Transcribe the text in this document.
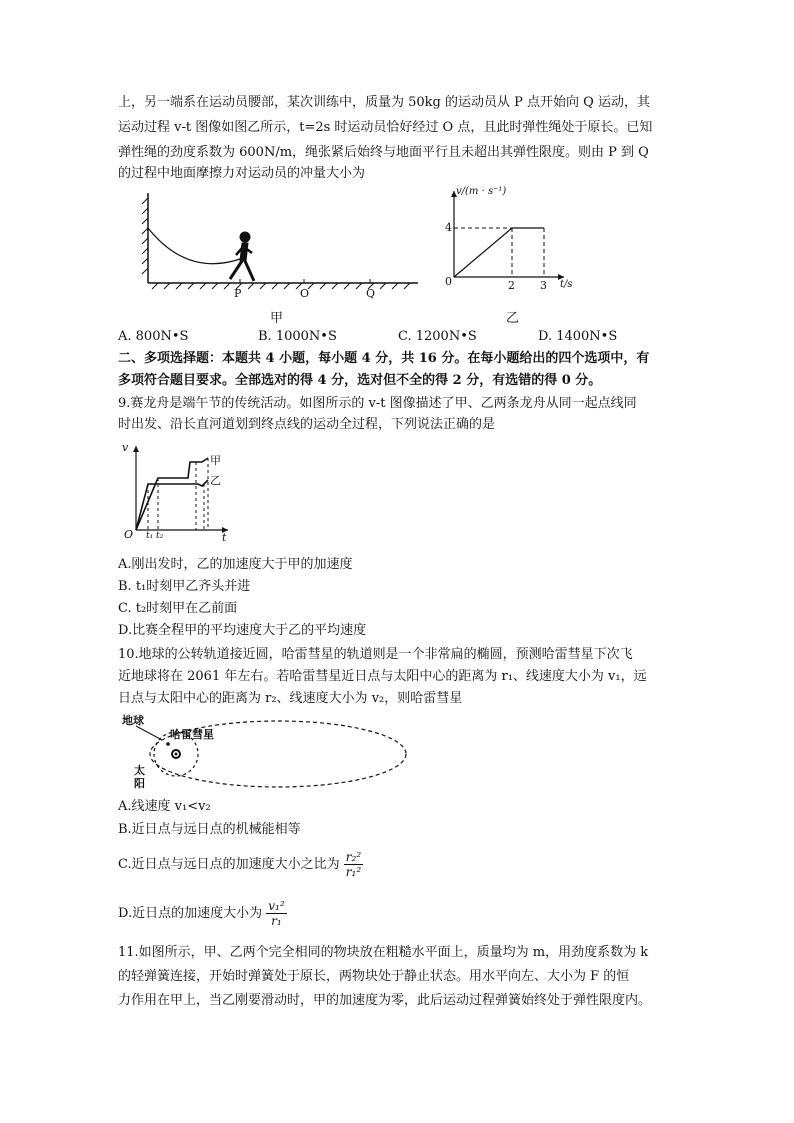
上，另一端系在运动员腰部，某次训练中，质量为 50kg 的运动员从 P 点开始向 Q 运动，其
运动过程 v-t 图像如图乙所示，t=2s 时运动员恰好经过 O 点，且此时弹性绳处于原长。已知
弹性绳的劲度系数为 600N/m，绳张紧后始终与地面平行且未超出其弹性限度。则由 P 到 Q
的过程中地面摩擦力对运动员的冲量大小为
P	O	Q
甲
v/(m · s⁻¹)
4
0	2 3 t/s
乙
A. 800N•S	B. 1000N•S	C. 1200N•S	D. 1400N•S
二、多项选择题：本题共 4 小题，每小题 4 分，共 16 分。在每小题给出的四个选项中，有
多项符合题目要求。全部选对的得 4 分，选对但不全的得 2 分，有选错的得 0 分。
9.赛龙舟是端午节的传统活动。如图所示的 v-t 图像描述了甲、乙两条龙舟从同一起点线同
时出发、沿长直河道划到终点线的运动全过程，下列说法正确的是
v
甲
乙
O t₁ t₂	t
A.刚出发时，乙的加速度大于甲的加速度
B. t₁时刻甲乙齐头并进
C. t₂时刻甲在乙前面
D.比赛全程甲的平均速度大于乙的平均速度
10.地球的公转轨道接近圆，哈雷彗星的轨道则是一个非常扁的椭圆，预测哈雷彗星下次飞
近地球将在 2061 年左右。若哈雷彗星近日点与太阳中心的距离为 r₁、线速度大小为 v₁，远
日点与太阳中心的距离为 r₂、线速度大小为 v₂，则哈雷彗星
地球
哈雷彗星
太
阳
A.线速度 v₁<v₂
B.近日点与远日点的机械能相等
C.近日点与远日点的加速度大小之比为 $\frac{\text{r₂²}}{\text{r₁²}}$
D.近日点的加速度大小为 $\frac{\text{v₁²}}{\text{r₁}}$
11.如图所示，甲、乙两个完全相同的物块放在粗糙水平面上，质量均为 m，用劲度系数为 k
的轻弹簧连接，开始时弹簧处于原长，两物块处于静止状态。用水平向左、大小为 F 的恒
力作用在甲上，当乙刚要滑动时，甲的加速度为零，此后运动过程弹簧始终处于弹性限度内。
